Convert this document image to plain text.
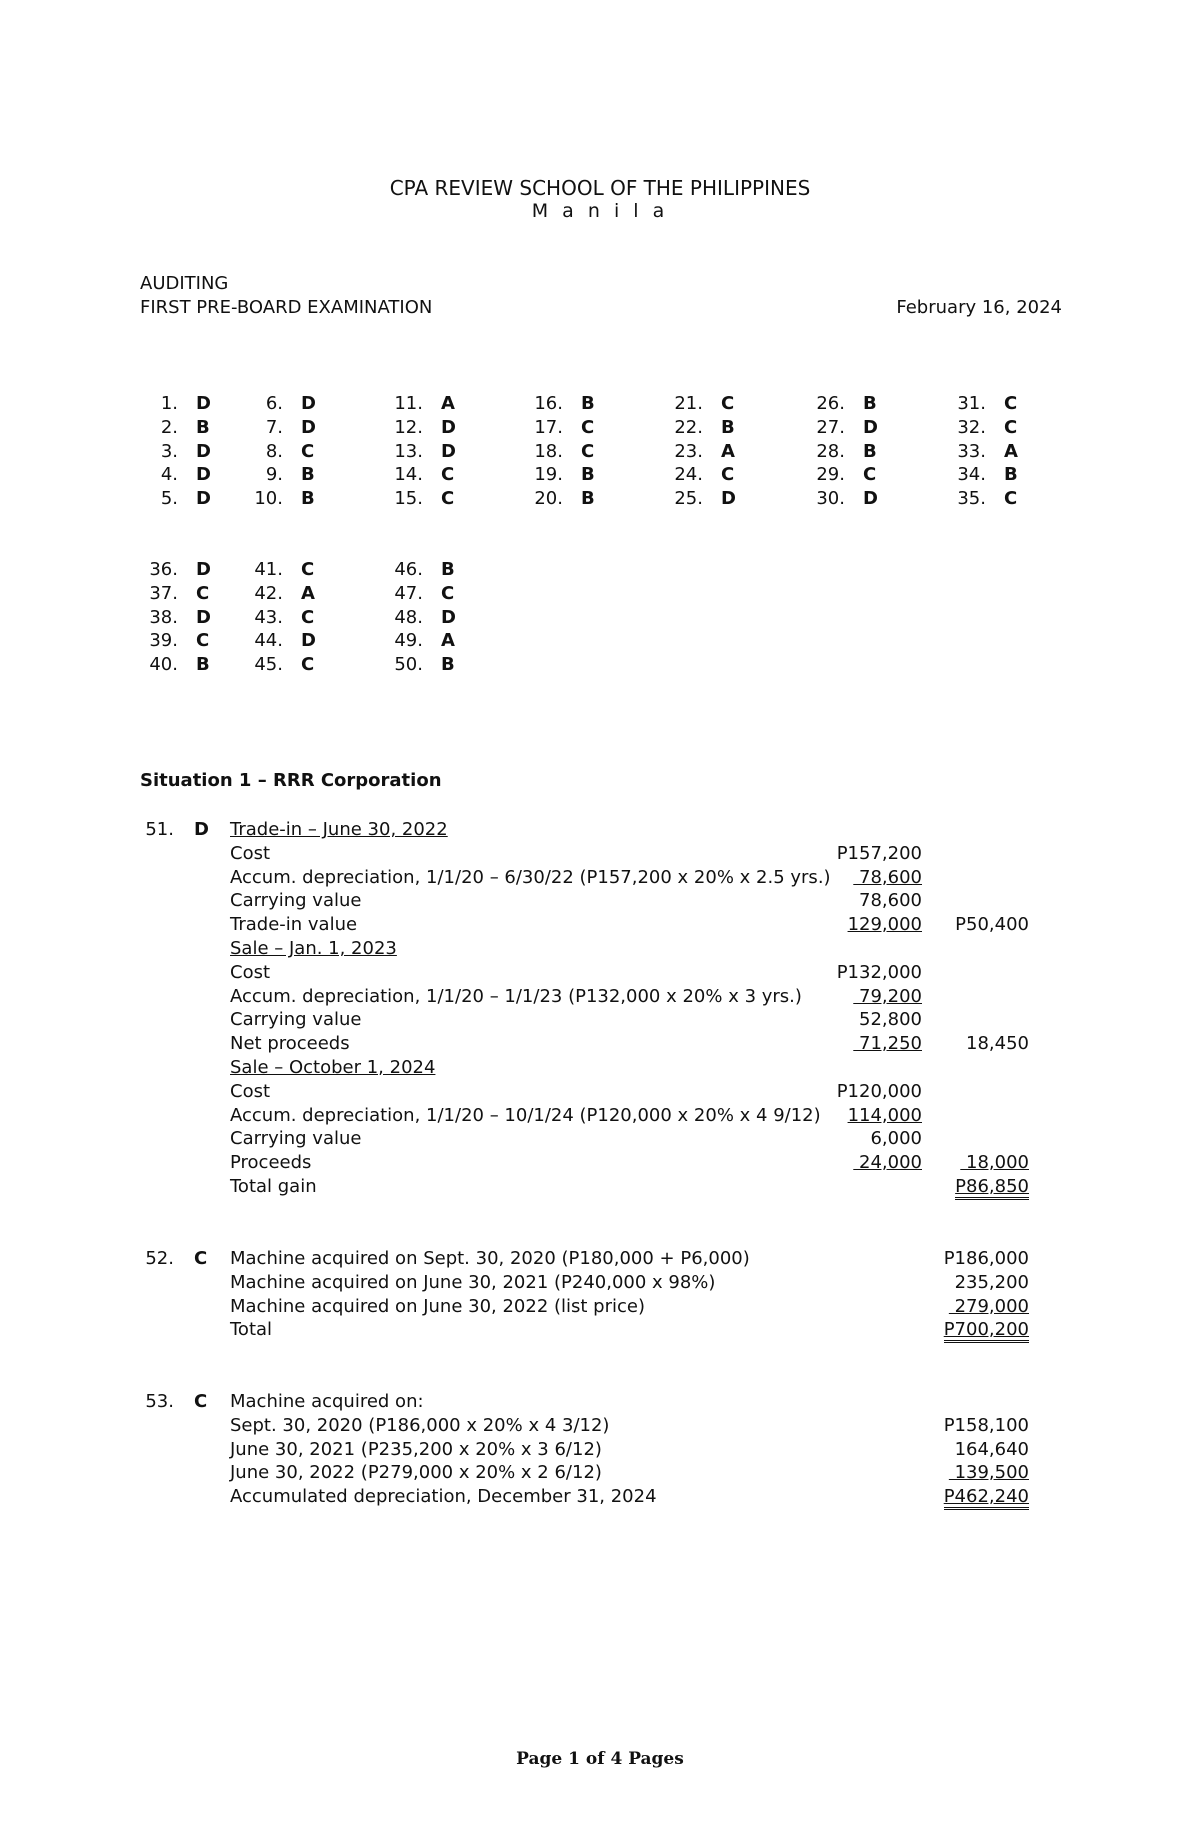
CPA REVIEW SCHOOL OF THE PHILIPPINES
M a n i l a
AUDITING
FIRST PRE-BOARD EXAMINATION	February 16, 2024
1. D
2. B
3. D
4. D
5. D
6. D
7. D
8. C
9. B
10. B
11. A
12. D
13. D
14. C
15. C
16. B
17. C
18. C
19. B
20. B
21. C
22. B
23. A
24. C
25. D
26. B
27. D
28. B
29. C
30. D
31. C
32. C
33. A
34. B
35. C
36. D
37. C
38. D
39. C
40. B
41. C
42. A
43. C
44. D
45. C
46. B
47. C
48. D
49. A
50. B
Situation 1 – RRR Corporation
51. D Trade-in – June 30, 2022
Cost	P157,200
Accum. depreciation, 1/1/20 – 6/30/22 (P157,200 x 20% x 2.5 yrs.) 78,600
Carrying value	78,600
Trade-in value	129,000 P50,400
Sale – Jan. 1, 2023
Cost	P132,000
Accum. depreciation, 1/1/20 – 1/1/23 (P132,000 x 20% x 3 yrs.)	79,200
Carrying value	52,800
Net proceeds	71,250 18,450
Sale – October 1, 2024
Cost	P120,000
Accum. depreciation, 1/1/20 – 10/1/24 (P120,000 x 20% x 4 9/12) 114,000
Carrying value	6,000
Proceeds	24,000 18,000
Total gain	P86,850
52. C Machine acquired on Sept. 30, 2020 (P180,000 + P6,000)	P186,000
Machine acquired on June 30, 2021 (P240,000 x 98%)	235,200
Machine acquired on June 30, 2022 (list price)	279,000
Total	P700,200
53. C Machine acquired on:
Sept. 30, 2020 (P186,000 x 20% x 4 3/12)	P158,100
June 30, 2021 (P235,200 x 20% x 3 6/12)	164,640
June 30, 2022 (P279,000 x 20% x 2 6/12)	139,500
Accumulated depreciation, December 31, 2024	P462,240
Page 1 of 4 Pages
